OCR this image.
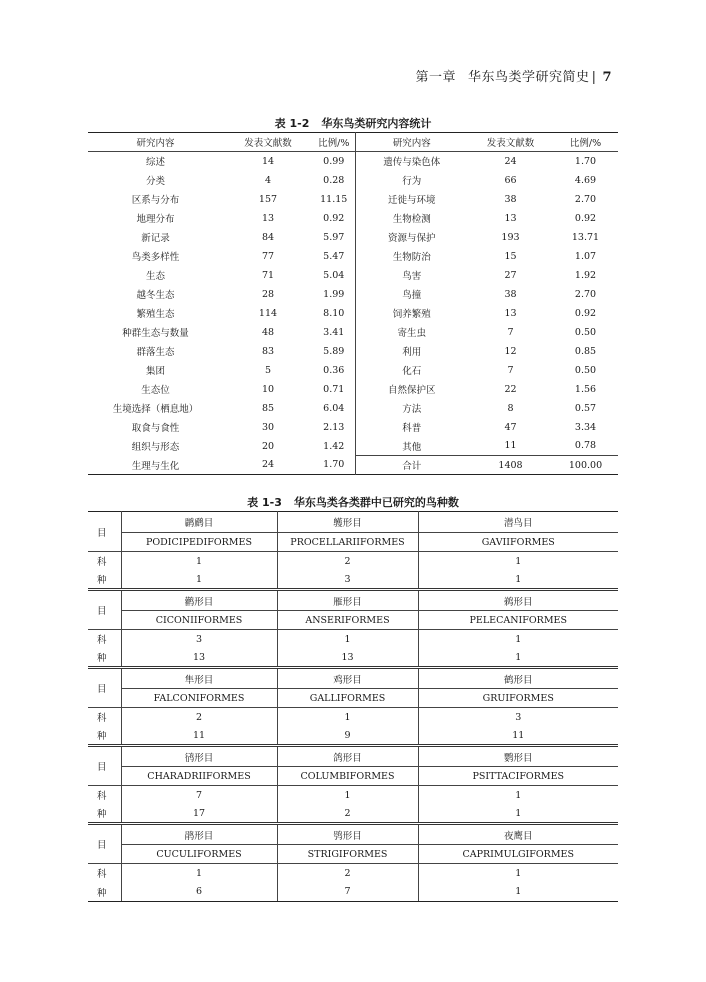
第一章 华东鸟类学研究简史 | 7
表 1-2 华东鸟类研究内容统计
研究内容	发表文献数	比例/%	研究内容	发表文献数	比例/%
综述	14	0.99	遗传与染色体	24	1.70
分类	4	0.28	行为	66	4.69
区系与分布	157	11.15	迁徙与环境	38	2.70
地理分布	13	0.92	生物检测	13	0.92
新记录	84	5.97	资源与保护	193	13.71
鸟类多样性	77	5.47	生物防治	15	1.07
生态	71	5.04	鸟害	27	1.92
越冬生态	28	1.99	鸟撞	38	2.70
繁殖生态	114	8.10	饲养繁殖	13	0.92
种群生态与数量	48	3.41	寄生虫	7	0.50
群落生态	83	5.89	利用	12	0.85
集团	5	0.36	化石	7	0.50
生态位	10	0.71	自然保护区	22	1.56
生境选择（栖息地）	85	6.04	方法	8	0.57
取食与食性	30	2.13	科普	47	3.34
组织与形态	20	1.42	其他	11	0.78
生理与生化	24	1.70	合计	1408	100.00
表 1-3 华东鸟类各类群中已研究的鸟种数
目	䴙䴘目	鹱形目	潜鸟目
	PODICIPEDIFORMES	PROCELLARIIFORMES	GAVIIFORMES
科	1	2	1
种	1	3	1
目	鹳形目	雁形目	鹈形目
	CICONIIFORMES	ANSERIFORMES	PELECANIFORMES
科	3	1	1
种	13	13	1
目	隼形目	鸡形目	鹤形目
	FALCONIFORMES	GALLIFORMES	GRUIFORMES
科	2	1	3
种	11	9	11
目	鸻形目	鸽形目	鹦形目
	CHARADRIIFORMES	COLUMBIFORMES	PSITTACIFORMES
科	7	1	1
种	17	2	1
目	鹃形目	鸮形目	夜鹰目
	CUCULIFORMES	STRIGIFORMES	CAPRIMULGIFORMES
科	1	2	1
种	6	7	1
